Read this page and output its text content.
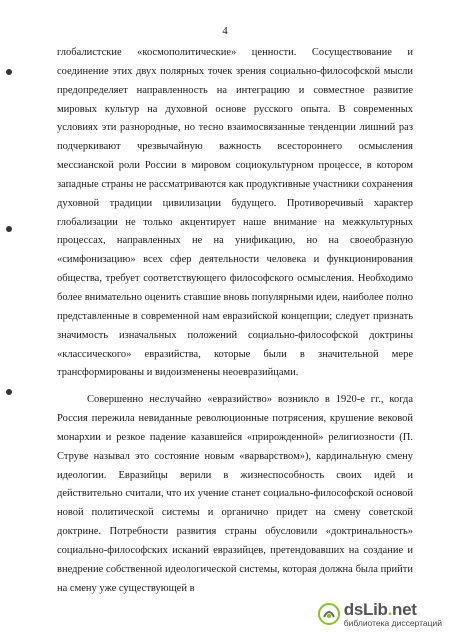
4

глобалистские «космополитические» ценности. Сосуществование и соединение этих двух полярных точек зрения социально-философской мысли предопределяет направленность на интеграцию и совместное развитие мировых культур на духовной основе русского опыта. В современных условиях эти разнородные, но тесно взаимосвязанные тенденции лишний раз подчеркивают чрезвычайную важность всестороннего осмысления мессианской роли России в мировом социокультурном процессе, в котором западные страны не рассматриваются как продуктивные участники сохранения духовной традиции цивилизации будущего. Противоречивый характер глобализации не только акцентирует наше внимание на межкультурных процессах, направленных не на унификацию, но на своеобразную «симфонизацию» всех сфер деятельности человека и функционирования общества, требует соответствующего философского осмысления. Необходимо более внимательно оценить ставшие вновь популярными идеи, наиболее полно представленные в современной нам евразийской концепции; следует признать значимость изначальных положений социально-философской доктрины «классического» евразийства, которые были в значительной мере трансформированы и видоизменены неоевразийцами.

Совершенно неслучайно «евразийство» возникло в 1920-е гг., когда Россия пережила невиданные революционные потрясения, крушение вековой монархии и резкое падение казавшейся «прирожденной» религиозности (П. Струве называл это состояние новым «варварством»), кардинальную смену идеологии. Евразийцы верили в жизнеспособность своих идей и действительно считали, что их учение станет социально-философской основой новой политической системы и органично придет на смену советской доктрине. Потребности развития страны обусловили «доктринальность» социально-философских исканий евразийцев, претендовавших на создание и внедрение собственной идеологической системы, которая должна была прийти на смену уже существующей в

dsLib.net
библиотека диссертаций
